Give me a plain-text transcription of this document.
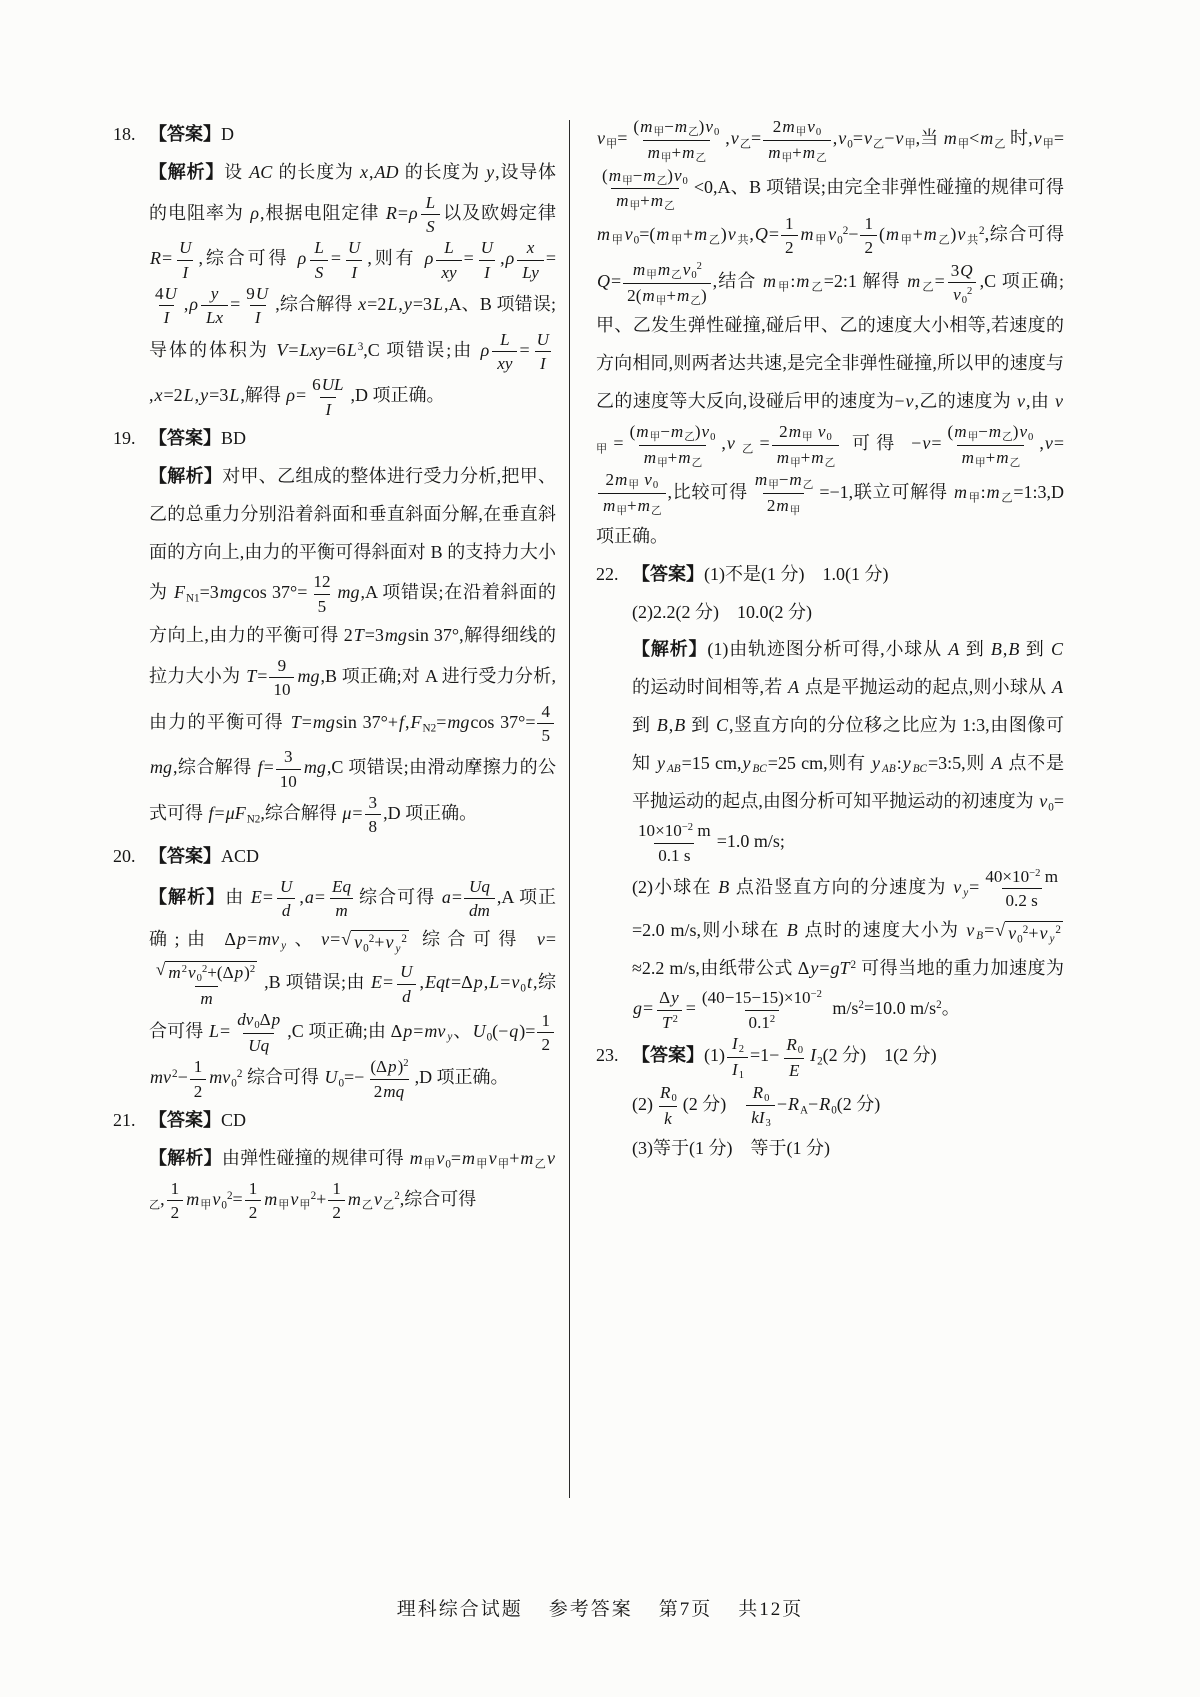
18. 【答案】D
【解析】设 AC 的长度为 x,AD 的长度为 y,设导体的电阻率为 ρ,根据电阻定律 $R=\rho \frac{L}{S}$ 以及欧姆定律 $R= \frac{U}{I}$ ,综合可得 ρ $\frac{L}{S} = \frac{U}{I}$ ,则有 ρ $\frac{L}{xy} = \frac{U}{I} ,\rho \frac{x}{Ly}$ =
$\frac{4U}{I} ,\rho \frac{y}{Lx} = \frac{9U}{I}$ ,综合解得 x=2L,y=3L,A、B 项错误;导体的体积为 $V=Lxy=6L^3,C$ 项错误;由 ρ $\frac{L}{xy} = \frac{U}{I}$
,x=2L,y=3L,解得 $\rho= \frac{6UL}{I} ,D$ 项正确。
19. 【答案】BD
【解析】对甲、乙组成的整体进行受力分析,把甲、乙的总重力分别沿着斜面和垂直斜面分解,在垂直斜面的方向上,由力的平衡可得斜面对 B 的支持力大小为 $F_{N1}=3mgcos$ $37^\circ= \frac{12}{5} mg,A$ 项错误;在沿着斜面的方向上,由力的平衡可得 2T=3mgsin 37°,解得细线的拉力大小为 $T= \frac{9}{10} mg,B$ 项正确;对 A 进行受力分析,由力的平衡可得 T=mgsin $37^\circ+f,F_{N2}=mgcos$ $37^\circ= \frac{4}{5}$
mg,综合解得 $f= \frac{3}{10} mg,C$ 项错误;由滑动摩擦力的公式可得 $f=\mu F_{N2}$,综合解得 $\mu= \frac{3}{8} ,D$ 项正确。
20. 【答案】ACD
【解析】由 $E= \frac{U}{d} ,a= \frac{Eq}{m}$ 综合可得 $a= \frac{Uq}{dm} ,A$ 项正确;由 Δp=mv $_y$、v= √ $v_0^2+v$ $_y^2$ 综合可得 v=
$\frac{√ m^2v_0^2+(\Delta p)^2}{m} ,B$ 项错误;由 $E= \frac{U}{d} ,Eqt=\Delta p,L=v_0t$,综合可得 $L= \frac{dv_0\Delta p}{Uq} ,C$ 项正确;由 Δp=mv $_y$、$U_0(-q)= \frac{1}{2}$
$mv^2- \frac{1}{2} mv_0^2$ 综合可得 $U_0=- \frac{(\Delta p)^2}{2mq} ,D$ 项正确。
21. 【答案】CD
【解析】由弹性碰撞的规律可得 $m_甲v_0=m_甲v_甲+m_乙v_乙$, $\frac{1}{2} m_甲v_0^2= \frac{1}{2} m_甲v_甲^2+ \frac{1}{2} m_乙v_乙^2$,综合可得
$v_甲= \frac{(m_甲-m_乙)v_0}{m_甲+m_乙} ,v_乙= \frac{2m_甲v_0}{m_甲+m_乙} ,v_0=v_乙-v_甲$,当 $m_甲<m_乙$ 时$,v_甲=$
$\frac{(m_甲-m_乙)v_0}{m_甲+m_乙} <0,A$、B 项错误;由完全非弹性碰撞的规律可得 $m_甲v_0=(m_甲+m_乙)v_共,Q= \frac{1}{2} m_甲v_0^2- \frac{1}{2} (m_甲+m_乙)v_共^2$,综合可得 $Q= \frac{m_甲m_乙v_0^2}{2(m_甲+m_乙)}$ ,结合 $m_甲:m_乙=2:1$ 解得 $m_乙= \frac{3Q}{v_0^2} ,C$ 项正确;甲、乙发生弹性碰撞,碰后甲、乙的速度大小相等,若速度的方向相同,则两者达共速,是完全非弹性碰撞,所以甲的速度与乙的速度等大反向,设碰后甲的速度为−v,乙的速度为 v,由 $v_甲= \frac{(m_甲-m_乙)v_0}{m_甲+m_乙} ,v_乙= \frac{2m_甲 v_0}{m_甲+m_乙}$ 可得 $-v= \frac{(m_甲-m_乙)v_0}{m_甲+m_乙} ,v=$
$\frac{2m_甲 v_0}{m_甲+m_乙}$ ,比较可得 $\frac{m_甲-m_乙}{2m_甲} =-1$,联立可解得 $m_甲:m_乙=1:3,D$ 项正确。
22. 【答案】(1)不是(1 分)　1.0(1 分)
(2)2.2(2 分)　10.0(2 分)
【解析】(1)由轨迹图分析可得,小球从 A 到 B,B 到 C 的运动时间相等,若 A 点是平抛运动的起点,则小球从 A 到 B,B 到 C,竖直方向的分位移之比应为 1:3,由图像可知 y $_{AB}$=15 cm,y $_{BC}$=25 cm,则有 y $_{AB}$:y $_{BC}$=3:5,则 A 点不是平抛运动的起点,由图分析可知平抛运动的初速度为 $v_0=$
$\frac{10\times 10^{-2} m}{0.1 s} =1.0$ m/s;
(2)小球在 B 点沿竖直方向的分速度为 v $_y= \frac{40\times 10^{-2} m}{0.2 s}$
=2.0 m/s,则小球在 B 点时的速度大小为 v $_B$= √ $v_0^2+v$ $_y^2$
≈2.2 m/s,由纸带公式 $\Delta y=gT^2$ 可得当地的重力加速度为 $g= \frac{\Delta y}{T^2} = \frac{(40-15-15)\times 10^{-2}}{0.1^2} m/s^2=10.0$ $m/s^2$。
23. 【答案】$(1) \frac{I_2}{I_1} =1- \frac{R_0}{E} I_2(2$ 分)　1(2 分)
$(2) \frac{R_0}{k} (2$ 分)　 $\frac{R_0}{kI_3} -R_A-R_0(2$ 分)
(3)等于(1 分)　等于(1 分)
理科综合试题 参考答案 第7页 共12页
